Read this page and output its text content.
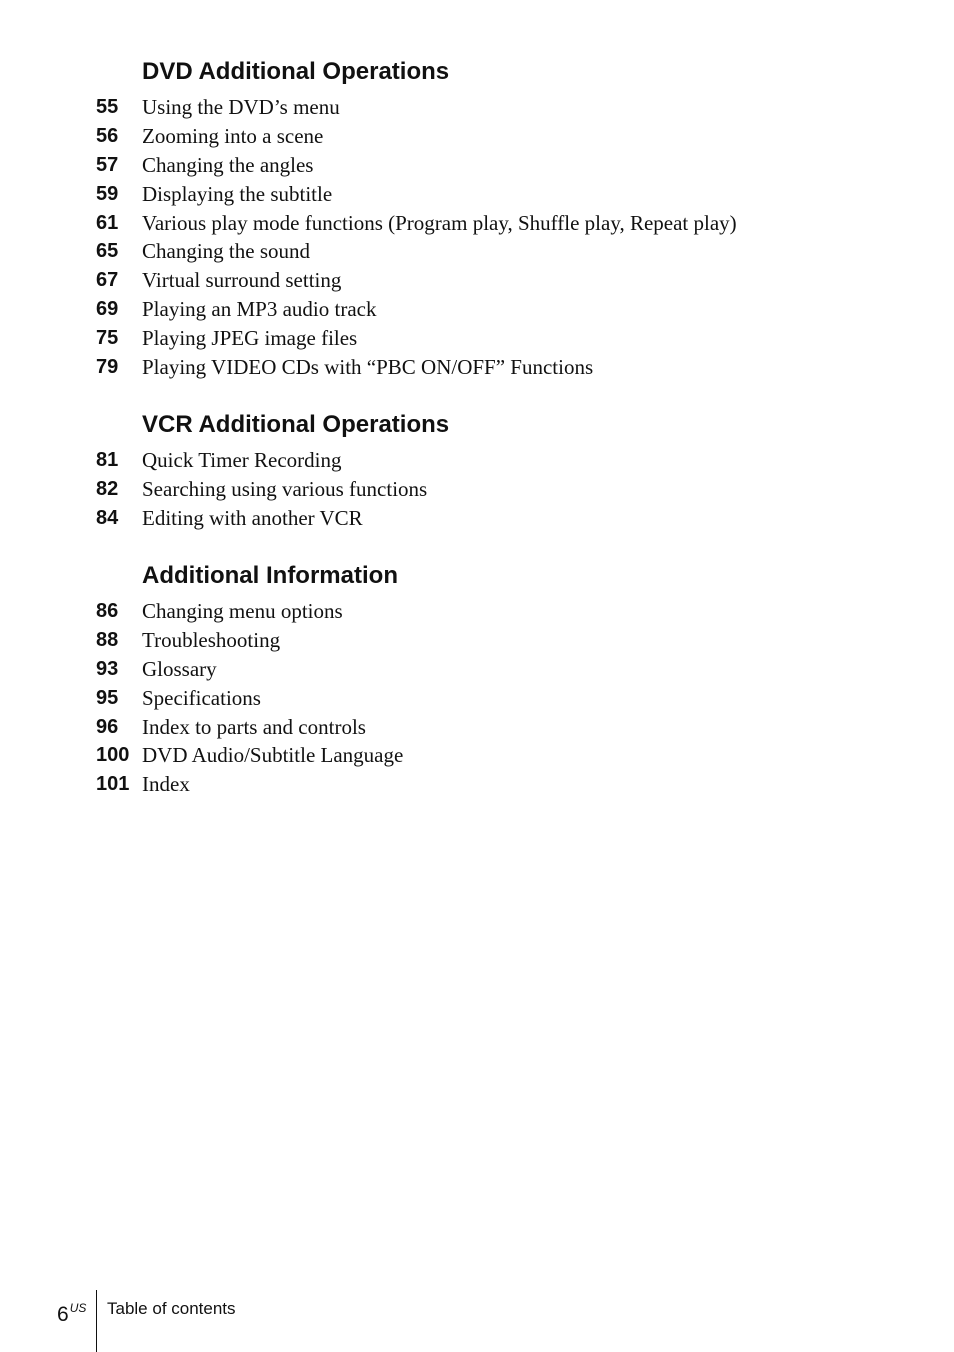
DVD Additional Operations
55 Using the DVD’s menu
56 Zooming into a scene
57 Changing the angles
59 Displaying the subtitle
61 Various play mode functions (Program play, Shuffle play, Repeat play)
65 Changing the sound
67 Virtual surround setting
69 Playing an MP3 audio track
75 Playing JPEG image files
79 Playing VIDEO CDs with “PBC ON/OFF” Functions
VCR Additional Operations
81 Quick Timer Recording
82 Searching using various functions
84 Editing with another VCR
Additional Information
86 Changing menu options
88 Troubleshooting
93 Glossary
95 Specifications
96 Index to parts and controls
100 DVD Audio/Subtitle Language
101 Index
$6^{US}$ Table of contents
